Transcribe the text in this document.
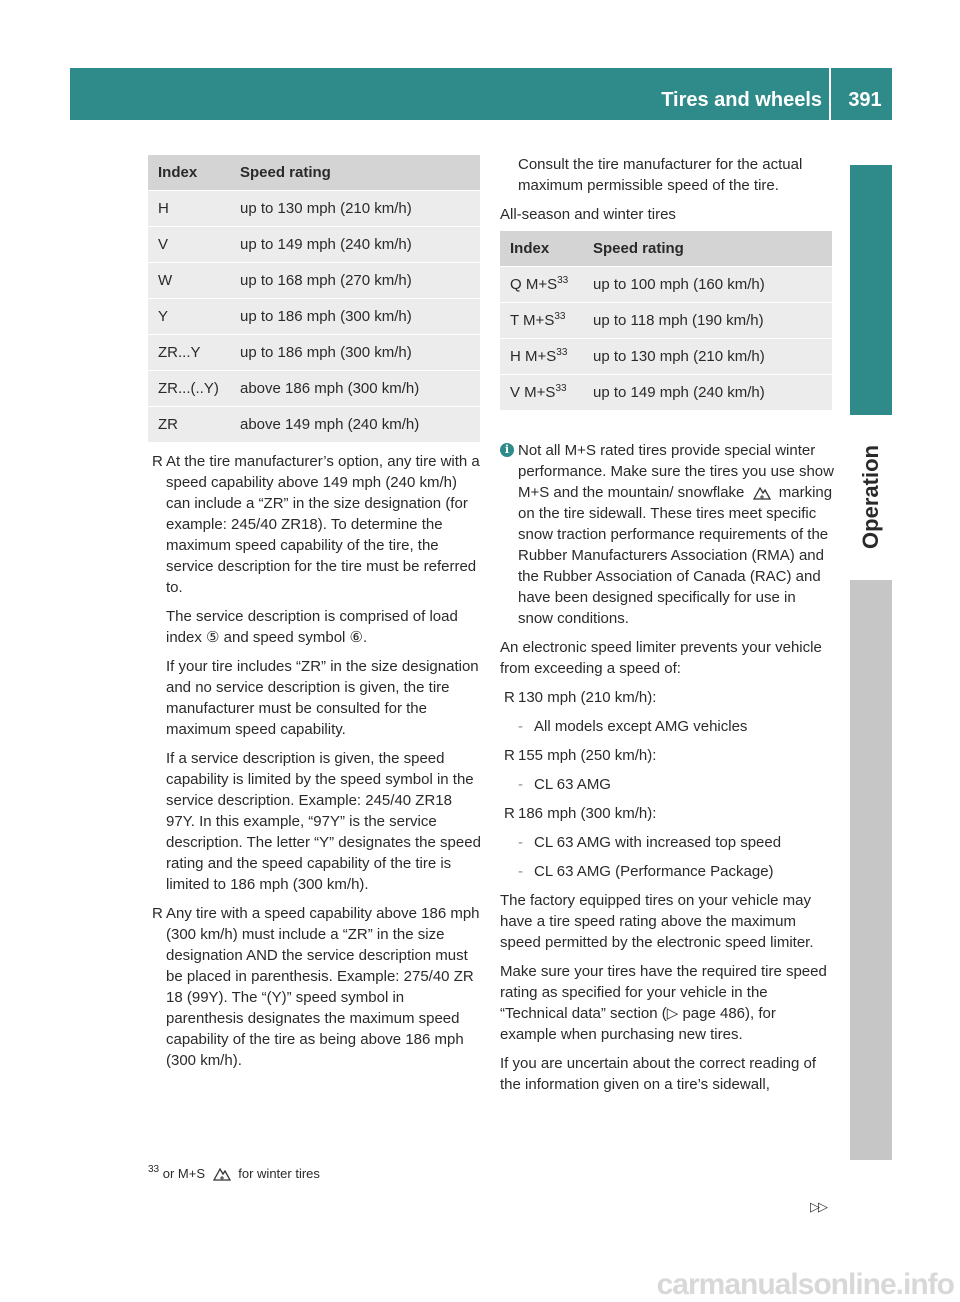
Tires and wheels	391
Operation
Index	Speed rating
H	up to 130 mph (210 km/h)
V	up to 149 mph (240 km/h)
W	up to 168 mph (270 km/h)
Y	up to 186 mph (300 km/h)
ZR...Y	up to 186 mph (300 km/h)
ZR...(..Y)	above 186 mph (300 km/h)
ZR	above 149 mph (240 km/h)
R At the tire manufacturer’s option, any tire with a speed capability above 149 mph (240 km/h) can include a “ZR” in the size designation (for example: 245/40 ZR18). To determine the maximum speed capability of the tire, the service description for the tire must be referred to.

The service description is comprised of load index ⑤ and speed symbol ⑥.

If your tire includes “ZR” in the size designation and no service description is given, the tire manufacturer must be consulted for the maximum speed capability.

If a service description is given, the speed capability is limited by the speed symbol in the service description. Example: 245/40 ZR18 97Y. In this example, “97Y” is the service description. The letter “Y” designates the speed rating and the speed capability of the tire is limited to 186 mph (300 km/h).

R Any tire with a speed capability above 186 mph (300 km/h) must include a “ZR” in the size designation AND the service description must be placed in parenthesis. Example: 275/40 ZR 18 (99Y). The “(Y)” speed symbol in parenthesis designates the maximum speed capability of the tire as being above 186 mph (300 km/h).

Consult the tire manufacturer for the actual maximum permissible speed of the tire.

All-season and winter tires

Index	Speed rating
Q $M+S^{33}$	up to 100 mph (160 km/h)
T $M+S^{33}$	up to 118 mph (190 km/h)
H $M+S^{33}$	up to 130 mph (210 km/h)
V $M+S^{33}$	up to 149 mph (240 km/h)
i Not all M+S rated tires provide special winter performance. Make sure the tires you use show M+S and the mountain/ snowflake marking on the tire sidewall. These tires meet specific snow traction performance requirements of the Rubber Manufacturers Association (RMA) and the Rubber Association of Canada (RAC) and have been designed specifically for use in snow conditions.

An electronic speed limiter prevents your vehicle from exceeding a speed of:

R 130 mph (210 km/h):
- All models except AMG vehicles
R 155 mph (250 km/h):
- CL 63 AMG
R 186 mph (300 km/h):
- CL 63 AMG with increased top speed
- CL 63 AMG (Performance Package)

The factory equipped tires on your vehicle may have a tire speed rating above the maximum speed permitted by the electronic speed limiter.

Make sure your tires have the required tire speed rating as specified for your vehicle in the “Technical data” section (▷ page 486), for example when purchasing new tires.

If you are uncertain about the correct reading of the information given on a tire’s sidewall,

$^{33}$ or M+S	for winter tires
▷▷
carmanualsonline.info
